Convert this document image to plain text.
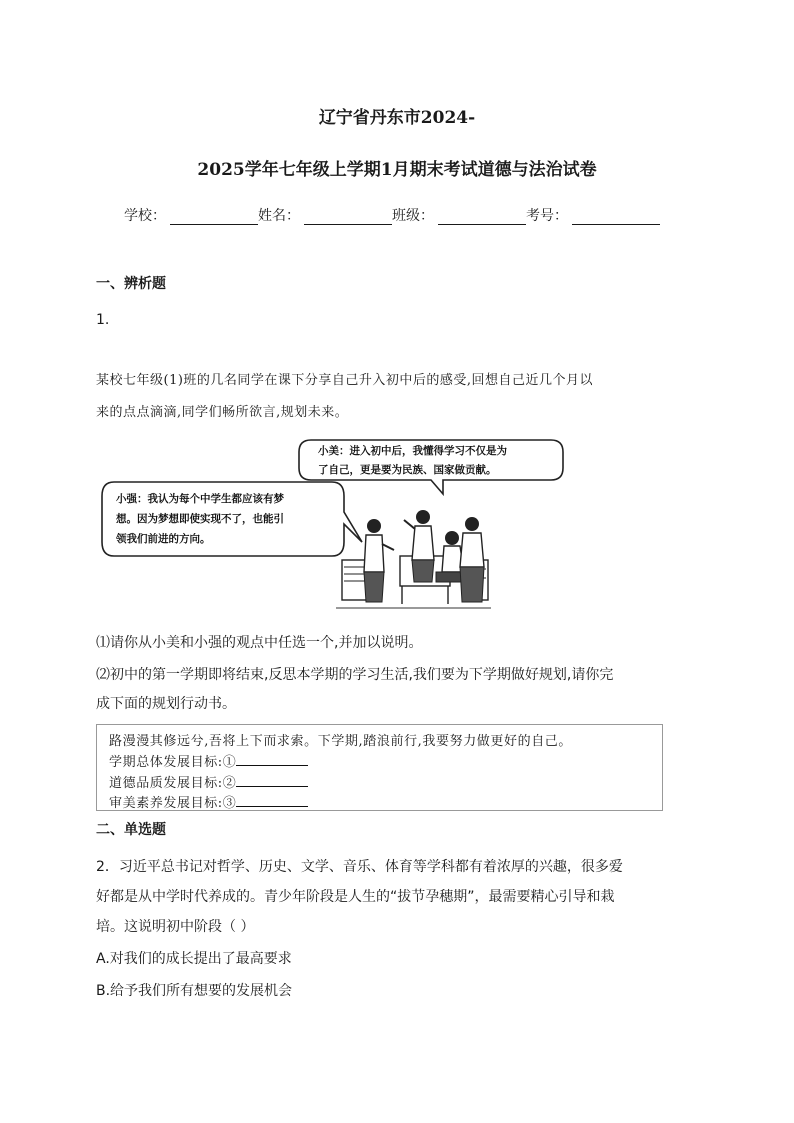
辽宁省丹东市2024-
2025学年七年级上学期1月期末考试道德与法治试卷
学校：	姓名：	班级：	考号：
一、辨析题
1.
某校七年级(1)班的几名同学在课下分享自己升入初中后的感受,回想自己近几个月以
来的点点滴滴,同学们畅所欲言,规划未来。
小美：进入初中后，我懂得学习不仅是为
了自己，更是要为民族、国家做贡献。
小强：我认为每个中学生都应该有梦
想。因为梦想即使实现不了，也能引
领我们前进的方向。
⑴请你从小美和小强的观点中任选一个,并加以说明。
⑵初中的第一学期即将结束,反思本学期的学习生活,我们要为下学期做好规划,请你完
成下面的规划行动书。
路漫漫其修远兮,吾将上下而求索。下学期,踏浪前行,我要努力做更好的自己。
学期总体发展目标:①
道德品质发展目标:②
审美素养发展目标:③
二、单选题
2．习近平总书记对哲学、历史、文学、音乐、体育等学科都有着浓厚的兴趣，很多爱
好都是从中学时代养成的。青少年阶段是人生的“拔节孕穗期”，最需要精心引导和栽
培。这说明初中阶段（ ）
A.对我们的成长提出了最高要求
B.给予我们所有想要的发展机会
